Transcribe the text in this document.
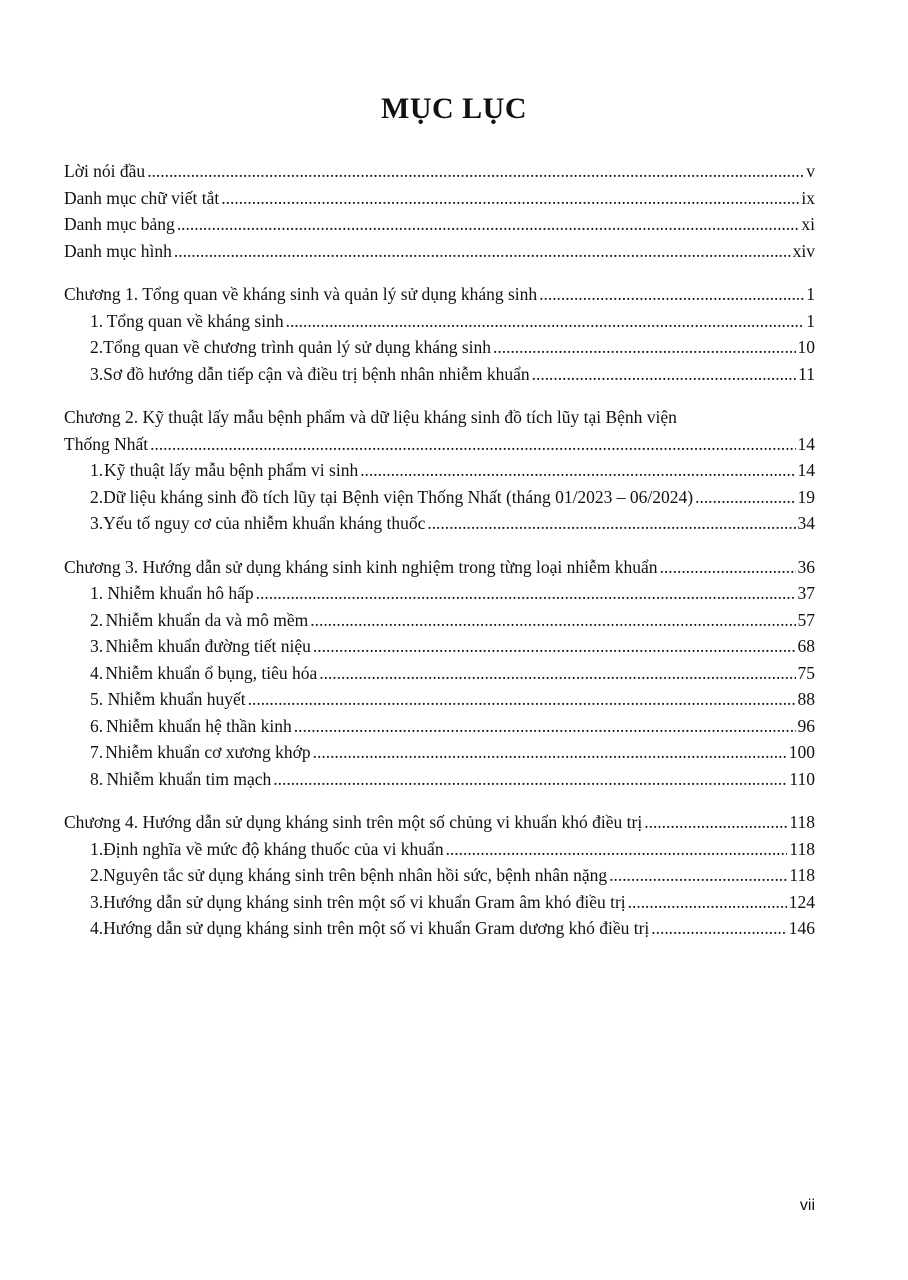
MỤC LỤC
Lời nói đầu . . .	v
Danh mục chữ viết tắt . . .	ix
Danh mục bảng . . .	xi
Danh mục hình . . .	xiv
Chương 1. Tổng quan về kháng sinh và quản lý sử dụng kháng sinh . . .	1
1. Tổng quan về kháng sinh . . .	1
2. Tổng quan về chương trình quản lý sử dụng kháng sinh . . .	10
3. Sơ đồ hướng dẫn tiếp cận và điều trị bệnh nhân nhiễm khuẩn . . .	11
Chương 2. Kỹ thuật lấy mẫu bệnh phẩm và dữ liệu kháng sinh đồ tích lũy tại Bệnh viện
Thống Nhất . . .	14
1. Kỹ thuật lấy mẫu bệnh phẩm vi sinh . . .	14
2. Dữ liệu kháng sinh đồ tích lũy tại Bệnh viện Thống Nhất (tháng 01/2023 – 06/2024) . . .	19
3. Yếu tố nguy cơ của nhiễm khuẩn kháng thuốc . . .	34
Chương 3. Hướng dẫn sử dụng kháng sinh kinh nghiệm trong từng loại nhiễm khuẩn . . .	36
1. Nhiễm khuẩn hô hấp . . .	37
2. Nhiễm khuẩn da và mô mềm . . .	57
3. Nhiễm khuẩn đường tiết niệu . . .	68
4. Nhiễm khuẩn ổ bụng, tiêu hóa . . .	75
5. Nhiễm khuẩn huyết . . .	88
6. Nhiễm khuẩn hệ thần kinh . . .	96
7. Nhiễm khuẩn cơ xương khớp . . .	100
8. Nhiễm khuẩn tim mạch . . .	110
Chương 4. Hướng dẫn sử dụng kháng sinh trên một số chủng vi khuẩn khó điều trị . . .	118
1. Định nghĩa về mức độ kháng thuốc của vi khuẩn . . .	118
2. Nguyên tắc sử dụng kháng sinh trên bệnh nhân hồi sức, bệnh nhân nặng . . .	118
3. Hướng dẫn sử dụng kháng sinh trên một số vi khuẩn Gram âm khó điều trị . . .	124
4. Hướng dẫn sử dụng kháng sinh trên một số vi khuẩn Gram dương khó điều trị . . .	146
vii
